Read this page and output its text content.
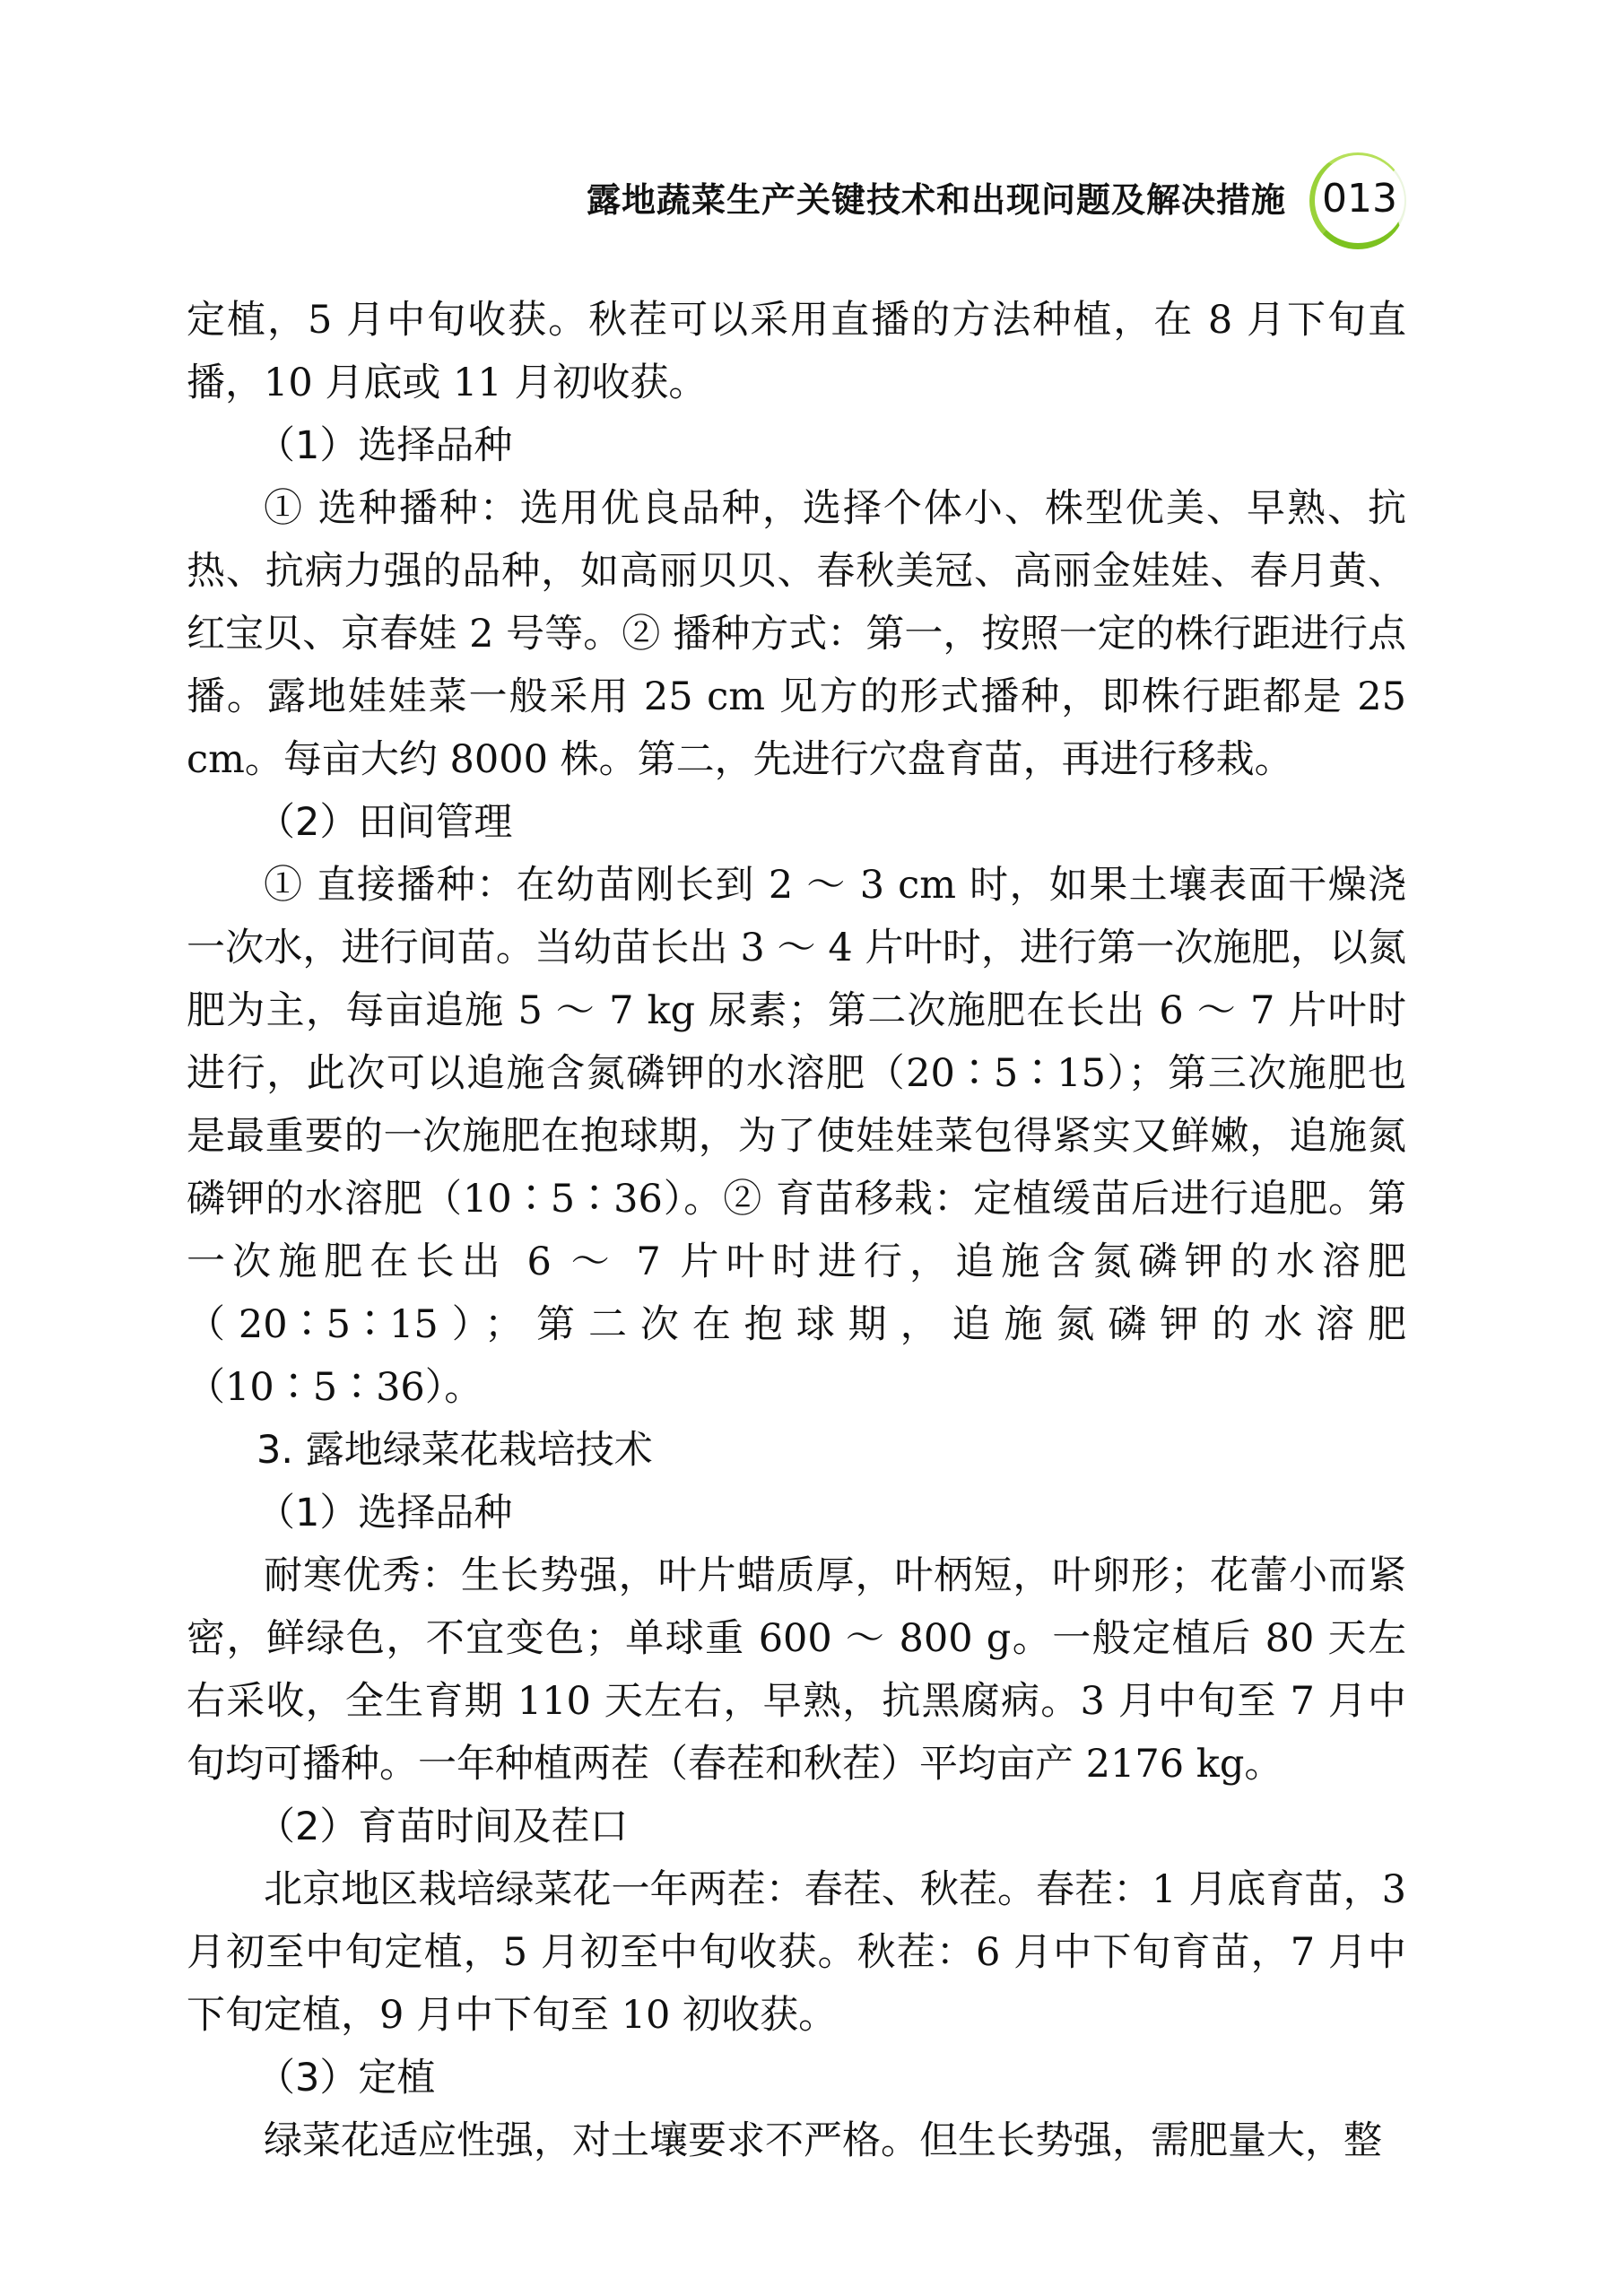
露地蔬菜生产关键技术和出现问题及解决措施 013

定植，5 月中旬收获。秋茬可以采用直播的方法种植，在 8 月下旬直播，10 月底或 11 月初收获。

（1）选择品种

① 选种播种：选用优良品种，选择个体小、株型优美、早熟、抗热、抗病力强的品种，如高丽贝贝、春秋美冠、高丽金娃娃、春月黄、红宝贝、京春娃 2 号等。② 播种方式：第一，按照一定的株行距进行点播。露地娃娃菜一般采用 25 cm 见方的形式播种，即株行距都是 25 cm。每亩大约 8000 株。第二，先进行穴盘育苗，再进行移栽。

（2）田间管理

① 直接播种：在幼苗刚长到 2 ～ 3 cm 时，如果土壤表面干燥浇一次水，进行间苗。当幼苗长出 3 ～ 4 片叶时，进行第一次施肥，以氮肥为主，每亩追施 5 ～ 7 kg 尿素；第二次施肥在长出 6 ～ 7 片叶时进行，此次可以追施含氮磷钾的水溶肥（20∶5∶15）；第三次施肥也是最重要的一次施肥在抱球期，为了使娃娃菜包得紧实又鲜嫩，追施氮磷钾的水溶肥（10∶5∶36）。② 育苗移栽：定植缓苗后进行追肥。第一次施肥在长出 6 ～ 7 片叶时进行，追施含氮磷钾的水溶肥（20∶5∶15）；第二次在抱球期，追施氮磷钾的水溶肥（10∶5∶36）。

3. 露地绿菜花栽培技术

（1）选择品种

耐寒优秀：生长势强，叶片蜡质厚，叶柄短，叶卵形；花蕾小而紧密，鲜绿色，不宜变色；单球重 600 ～ 800 g。一般定植后 80 天左右采收，全生育期 110 天左右，早熟，抗黑腐病。3 月中旬至 7 月中旬均可播种。一年种植两茬（春茬和秋茬）平均亩产 2176 kg。

（2）育苗时间及茬口

北京地区栽培绿菜花一年两茬：春茬、秋茬。春茬：1 月底育苗，3 月初至中旬定植，5 月初至中旬收获。秋茬：6 月中下旬育苗，7 月中下旬定植，9 月中下旬至 10 初收获。

（3）定植

绿菜花适应性强，对土壤要求不严格。但生长势强，需肥量大，整
